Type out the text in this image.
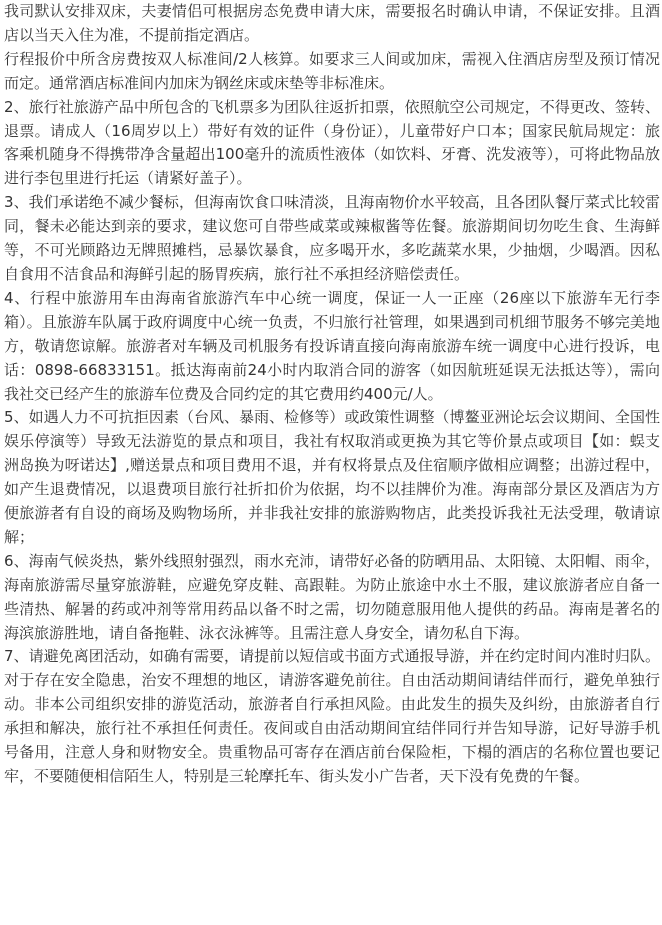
我司默认安排双床，夫妻情侣可根据房态免费申请大床，需要报名时确认申请，不保证安排。且酒店以当天入住为准，不提前指定酒店。

行程报价中所含房费按双人标准间/2人核算。如要求三人间或加床，需视入住酒店房型及预订情况而定。通常酒店标准间内加床为钢丝床或床垫等非标准床。

2、旅行社旅游产品中所包含的飞机票多为团队往返折扣票，依照航空公司规定，不得更改、签转、退票。请成人（16周岁以上）带好有效的证件（身份证），儿童带好户口本；国家民航局规定：旅客乘机随身不得携带净含量超出100毫升的流质性液体（如饮料、牙膏、洗发液等），可将此物品放进行李包里进行托运（请紧好盖子）。

3、我们承诺绝不减少餐标，但海南饮食口味清淡，且海南物价水平较高，且各团队餐厅菜式比较雷同，餐未必能达到亲的要求，建议您可自带些咸菜或辣椒酱等佐餐。旅游期间切勿吃生食、生海鲜等，不可光顾路边无牌照摊档，忌暴饮暴食，应多喝开水，多吃蔬菜水果，少抽烟，少喝酒。因私自食用不洁食品和海鲜引起的肠胃疾病，旅行社不承担经济赔偿责任。

4、行程中旅游用车由海南省旅游汽车中心统一调度，保证一人一正座（26座以下旅游车无行李箱）。且旅游车队属于政府调度中心统一负责，不归旅行社管理，如果遇到司机细节服务不够完美地方，敬请您谅解。旅游者对车辆及司机服务有投诉请直接向海南旅游车统一调度中心进行投诉，电话：0898-66833151。抵达海南前24小时内取消合同的游客（如因航班延误无法抵达等），需向我社交已经产生的旅游车位费及合同约定的其它费用约400元/人。

5、如遇人力不可抗拒因素（台风、暴雨、检修等）或政策性调整（博鳌亚洲论坛会议期间、全国性娱乐停演等）导致无法游览的景点和项目，我社有权取消或更换为其它等价景点或项目【如：蜈支洲岛换为呀诺达】,赠送景点和项目费用不退，并有权将景点及住宿顺序做相应调整；出游过程中，如产生退费情况，以退费项目旅行社折扣价为依据，均不以挂牌价为准。海南部分景区及酒店为方便旅游者有自设的商场及购物场所，并非我社安排的旅游购物店，此类投诉我社无法受理，敬请谅解；

6、海南气候炎热，紫外线照射强烈，雨水充沛，请带好必备的防晒用品、太阳镜、太阳帽、雨伞，海南旅游需尽量穿旅游鞋，应避免穿皮鞋、高跟鞋。为防止旅途中水土不服，建议旅游者应自备一些清热、解暑的药或冲剂等常用药品以备不时之需，切勿随意服用他人提供的药品。海南是著名的海滨旅游胜地，请自备拖鞋、泳衣泳裤等。且需注意人身安全，请勿私自下海。

7、请避免离团活动，如确有需要，请提前以短信或书面方式通报导游，并在约定时间内准时归队。对于存在安全隐患，治安不理想的地区，请游客避免前往。自由活动期间请结伴而行，避免单独行动。非本公司组织安排的游览活动，旅游者自行承担风险。由此发生的损失及纠纷，由旅游者自行承担和解决，旅行社不承担任何责任。夜间或自由活动期间宜结伴同行并告知导游，记好导游手机号备用，注意人身和财物安全。贵重物品可寄存在酒店前台保险柜，下榻的酒店的名称位置也要记牢，不要随便相信陌生人，特别是三轮摩托车、街头发小广告者，天下没有免费的午餐。
